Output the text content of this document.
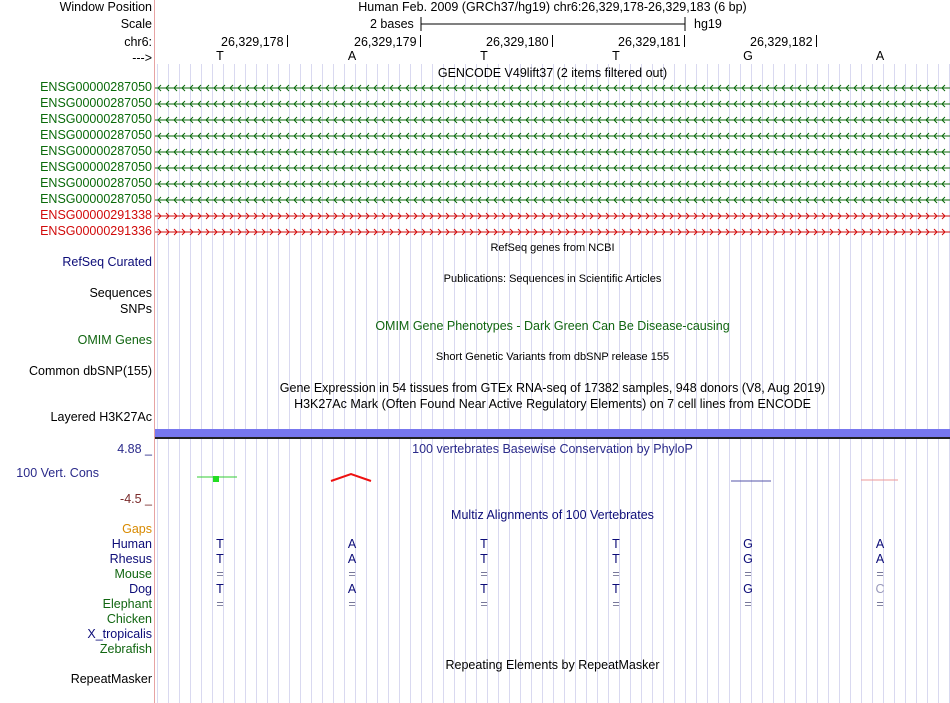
Window Position
Scale
chr6:
--->
ENSG00000287050
ENSG00000287050
ENSG00000287050
ENSG00000287050
ENSG00000287050
ENSG00000287050
ENSG00000287050
ENSG00000287050
ENSG00000291338
ENSG00000291336
RefSeq Curated
Sequences
SNPs
OMIM Genes
Common dbSNP(155)
Layered H3K27Ac
4.88 _
100 Vert. Cons
-4.5 _
Gaps
Human
Rhesus
Mouse
Dog
Elephant
Chicken
X_tropicalis
Zebrafish
RepeatMasker
Human Feb. 2009 (GRCh37/hg19) chr6:26,329,178-26,329,183 (6 bp)
2 bases	hg19
26,329,178	26,329,179	26,329,180	26,329,181	26,329,182
T	A	T	T	G	A
GENCODE V49lift37 (2 items filtered out)
RefSeq genes from NCBI
Publications: Sequences in Scientific Articles
OMIM Gene Phenotypes - Dark Green Can Be Disease-causing
Short Genetic Variants from dbSNP release 155
Gene Expression in 54 tissues from GTEx RNA-seq of 17382 samples, 948 donors (V8, Aug 2019)
H3K27Ac Mark (Often Found Near Active Regulatory Elements) on 7 cell lines from ENCODE
100 vertebrates Basewise Conservation by PhyloP
Multiz Alignments of 100 Vertebrates
T	A	T	T	G	A
T	A	T	T	G	A
=	=	=	=	=	=
T	A	T	T	G	C
=	=	=	=	=	=
Repeating Elements by RepeatMasker
